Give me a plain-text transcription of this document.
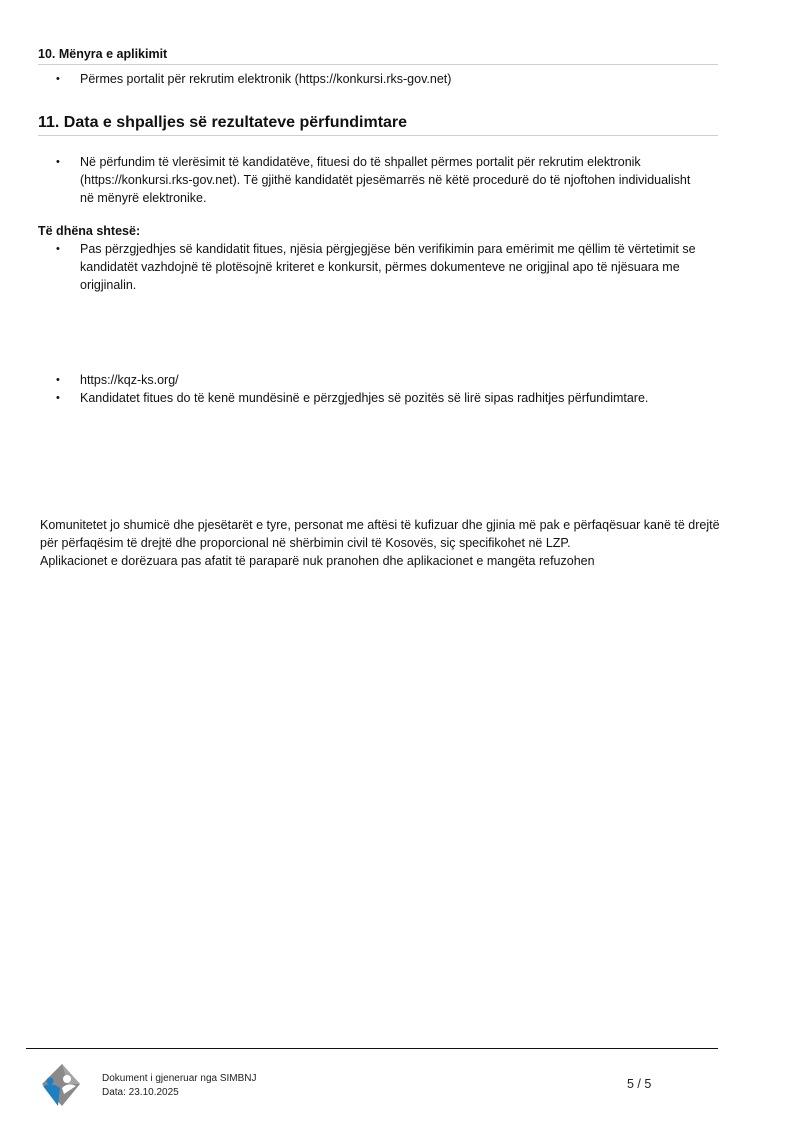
10. Mënyra e aplikimit
• Përmes portalit për rekrutim elektronik (https://konkursi.rks-gov.net)
11. Data e shpalljes së rezultateve përfundimtare
• Në përfundim të vlerësimit të kandidatëve, fituesi do të shpallet përmes portalit për rekrutim elektronik (https://konkursi.rks-gov.net). Të gjithë kandidatët pjesëmarrës në këtë procedurë do të njoftohen individualisht në mënyrë elektronike.
Të dhëna shtesë:
• Pas përzgjedhjes së kandidatit fitues, njësia përgjegjëse bën verifikimin para emërimit me qëllim të vërtetimit se kandidatët vazhdojnë të plotësojnë kriteret e konkursit, përmes dokumenteve ne origjinal apo të njësuara me origjinalin.
• https://kqz-ks.org/
• Kandidatet fitues do të kenë mundësinë e përzgjedhjes së pozitës së lirë sipas radhitjes përfundimtare.

Komunitetet jo shumicë dhe pjesëtarët e tyre, personat me aftësi të kufizuar dhe gjinia më pak e përfaqësuar kanë të drejtë për përfaqësim të drejtë dhe proporcional në shërbimin civil të Kosovës, siç specifikohet në LZP.

Aplikacionet e dorëzuara pas afatit të paraparë nuk pranohen dhe aplikacionet e mangëta refuzohen

Dokument i gjeneruar nga SIMBNJ
Data: 23.10.2025
5 / 5
